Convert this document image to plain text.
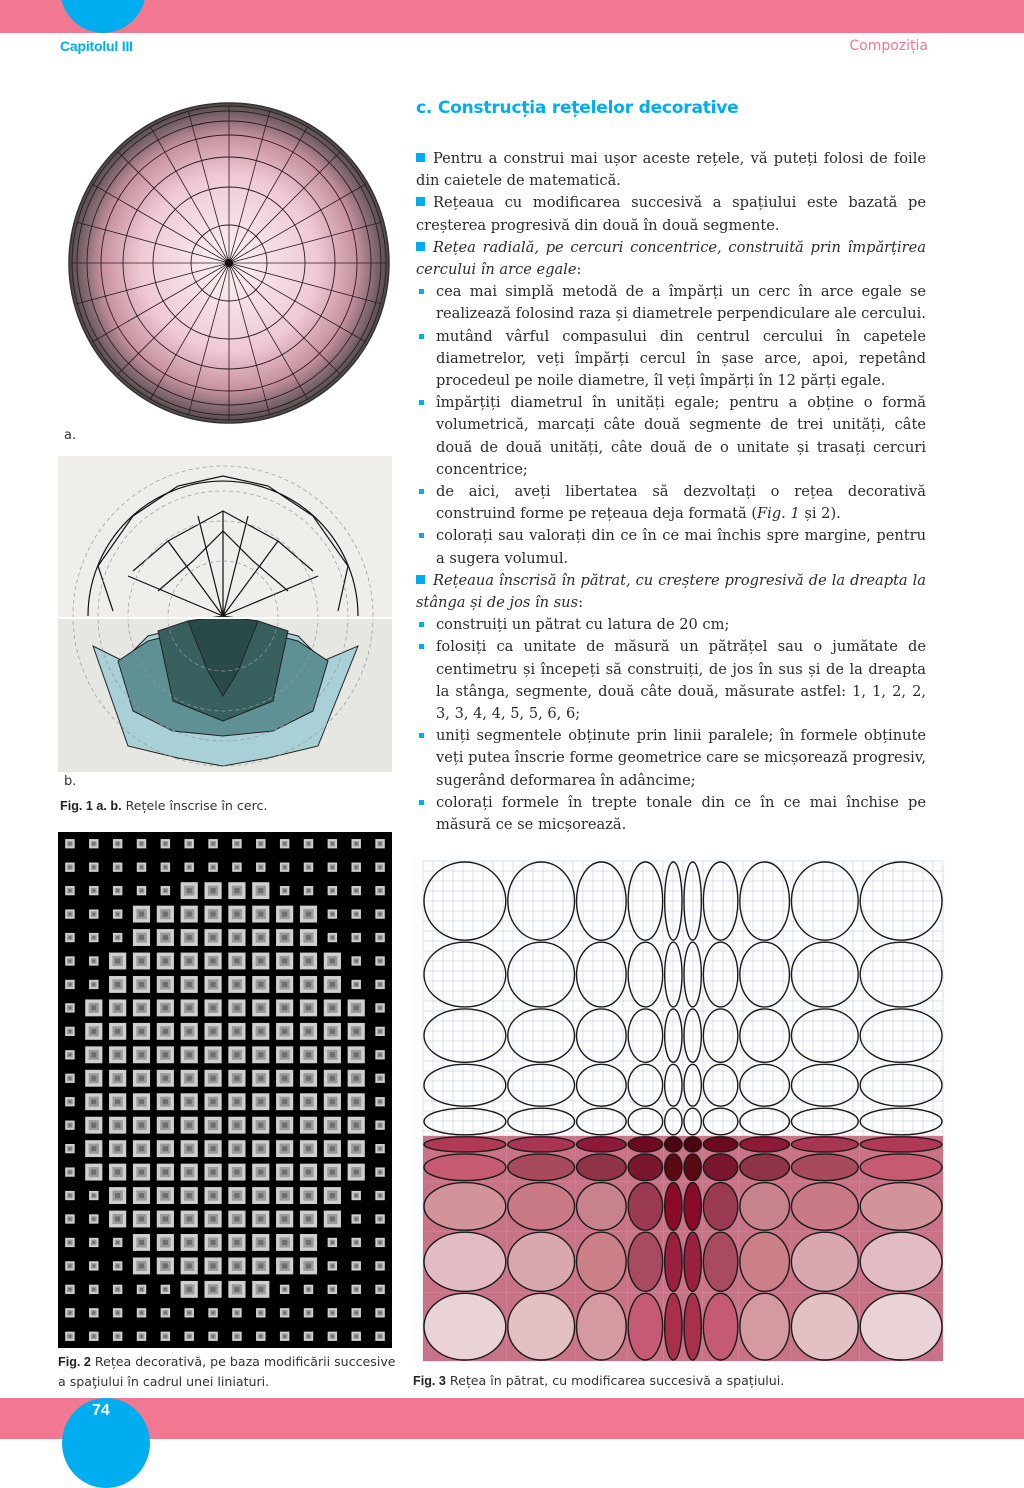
Capitolul III	Compoziția
c. Construcția rețelelor decorative

Pentru a construi mai ușor aceste rețele, vă puteți folosi de foile din caietele de matematică.

Rețeaua cu modificarea succesivă a spațiului este bazată pe creșterea progresivă din două în două segmente.

Rețea radială, pe cercuri concentrice, construită prin împărțirea cercului în arce egale:

cea mai simplă metodă de a împărți un cerc în arce egale se realizează folosind raza și diametrele perpendiculare ale cercului.

mutând vârful compasului din centrul cercului în capetele diametrelor, veți împărți cercul în șase arce, apoi, repetând procedeul pe noile diametre, îl veți împărți în 12 părți egale.

împărțiți diametrul în unități egale; pentru a obține o formă volumetrică, marcați câte două segmente de trei unități, câte două de două unități, câte două de o unitate și trasați cercuri concentrice;

de aici, aveți libertatea să dezvoltați o rețea decorativă construind forme pe rețeaua deja formată (Fig. 1 și 2).

colorați sau valorați din ce în ce mai închis spre margine, pentru a sugera volumul.

Rețeaua înscrisă în pătrat, cu creștere progresivă de la dreapta la stânga și de jos în sus:

construiți un pătrat cu latura de 20 cm;

folosiți ca unitate de măsură un pătrățel sau o jumătate de centimetru și începeți să construiți, de jos în sus și de la dreapta la stânga, segmente, două câte două, măsurate astfel: 1, 1, 2, 2, 3, 3, 4, 4, 5, 5, 6, 6;

uniți segmentele obținute prin linii paralele; în formele obținute veți putea înscrie forme geometrice care se micșorează progresiv, sugerând deformarea în adâncime;

colorați formele în trepte tonale din ce în ce mai închise pe măsură ce se micșorează.

a.
b.
Fig. 1 a. b. Rețele înscrise în cerc.
Fig. 2 Rețea decorativă, pe baza modificării succesive a spaţiului în cadrul unei liniaturi.	Fig. 3 Rețea în pătrat, cu modificarea succesivă a spațiului.
74
